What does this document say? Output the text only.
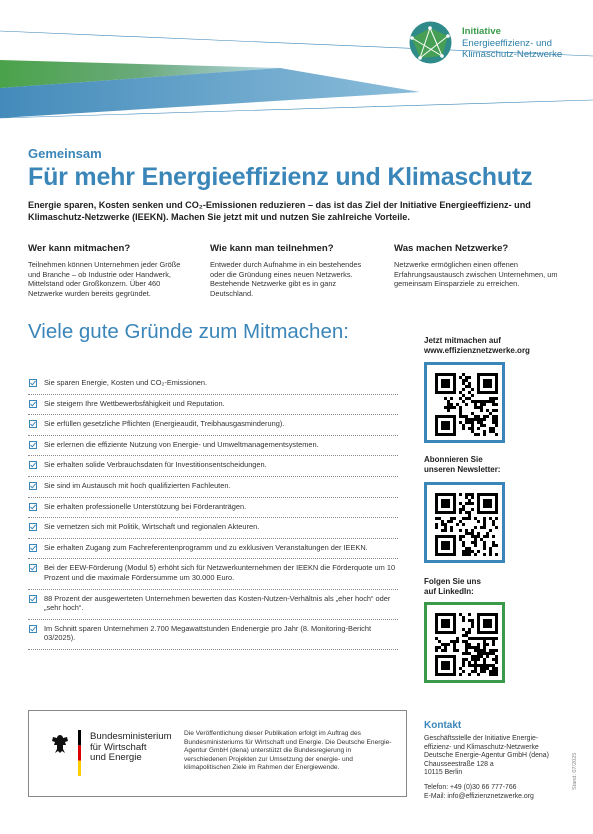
Initiative
Energieeffizienz- und
Klimaschutz-Netzwerke
Gemeinsam
Für mehr Energieeffizienz und Klimaschutz
Energie sparen, Kosten senken und CO₂-Emissionen reduzieren – das ist das Ziel der Initiative Energieeffizienz- und Klimaschutz-Netzwerke (IEEKN). Machen Sie jetzt mit und nutzen Sie zahlreiche Vorteile.
Wer kann mitmachen?

Teilnehmen können Unternehmen jeder Größe und Branche – ob Industrie oder Handwerk, Mittelstand oder Großkonzern. Über 460 Netzwerke wurden bereits gegründet.

Wie kann man teilnehmen?

Entweder durch Aufnahme in ein bestehendes oder die Gründung eines neuen Netzwerks. Bestehende Netzwerke gibt es in ganz Deutschland.

Was machen Netzwerke?

Netzwerke ermöglichen einen offenen Erfahrungsaustausch zwischen Unternehmen, um gemeinsam Einsparziele zu erreichen.

Viele gute Gründe zum Mitmachen:
Sie sparen Energie, Kosten und CO₂-Emissionen.
Sie steigern Ihre Wettbewerbsfähigkeit und Reputation.
Sie erfüllen gesetzliche Pflichten (Energieaudit, Treibhausgasminderung).
Sie erlernen die effiziente Nutzung von Energie- und Umweltmanagementsystemen.
Sie erhalten solide Verbrauchsdaten für Investitionsentscheidungen.
Sie sind im Austausch mit hoch qualifizierten Fachleuten.
Sie erhalten professionelle Unterstützung bei Förderanträgen.
Sie vernetzen sich mit Politik, Wirtschaft und regionalen Akteuren.
Sie erhalten Zugang zum Fachreferentenprogramm und zu exklusiven Veranstaltungen der IEEKN.
Bei der EEW-Förderung (Modul 5) erhöht sich für Netzwerkunternehmen der IEEKN die Förderquote um 10 Prozent und die maximale Fördersumme um 30.000 Euro.
88 Prozent der ausgewerteten Unternehmen bewerten das Kosten-Nutzen-Verhältnis als „eher hoch“ oder „sehr hoch“.
Im Schnitt sparen Unternehmen 2.700 Megawattstunden Endenergie pro Jahr (8. Monitoring-Bericht 03/2025).
Jetzt mitmachen auf
www.effizienznetzwerke.org
Abonnieren Sie
unseren Newsletter:
Folgen Sie uns
auf LinkedIn:
Bundesministerium
für Wirtschaft
und Energie
Die Veröffentlichung dieser Publikation erfolgt im Auftrag des Bundesministeriums für Wirtschaft und Energie. Die Deutsche Energie-Agentur GmbH (dena) unterstützt die Bundesregierung in verschiedenen Projekten zur Umsetzung der energie- und klimapolitischen Ziele im Rahmen der Energiewende.
Kontakt
Geschäftsstelle der Initiative Energie-
effizienz- und Klimaschutz-Netzwerke
Deutsche Energie-Agentur GmbH (dena)
Chausseestraße 128 a
10115 Berlin

Telefon: +49 (0)30 66 777-766
E-Mail: info@effizienznetzwerke.org
Stand: 07/2025
